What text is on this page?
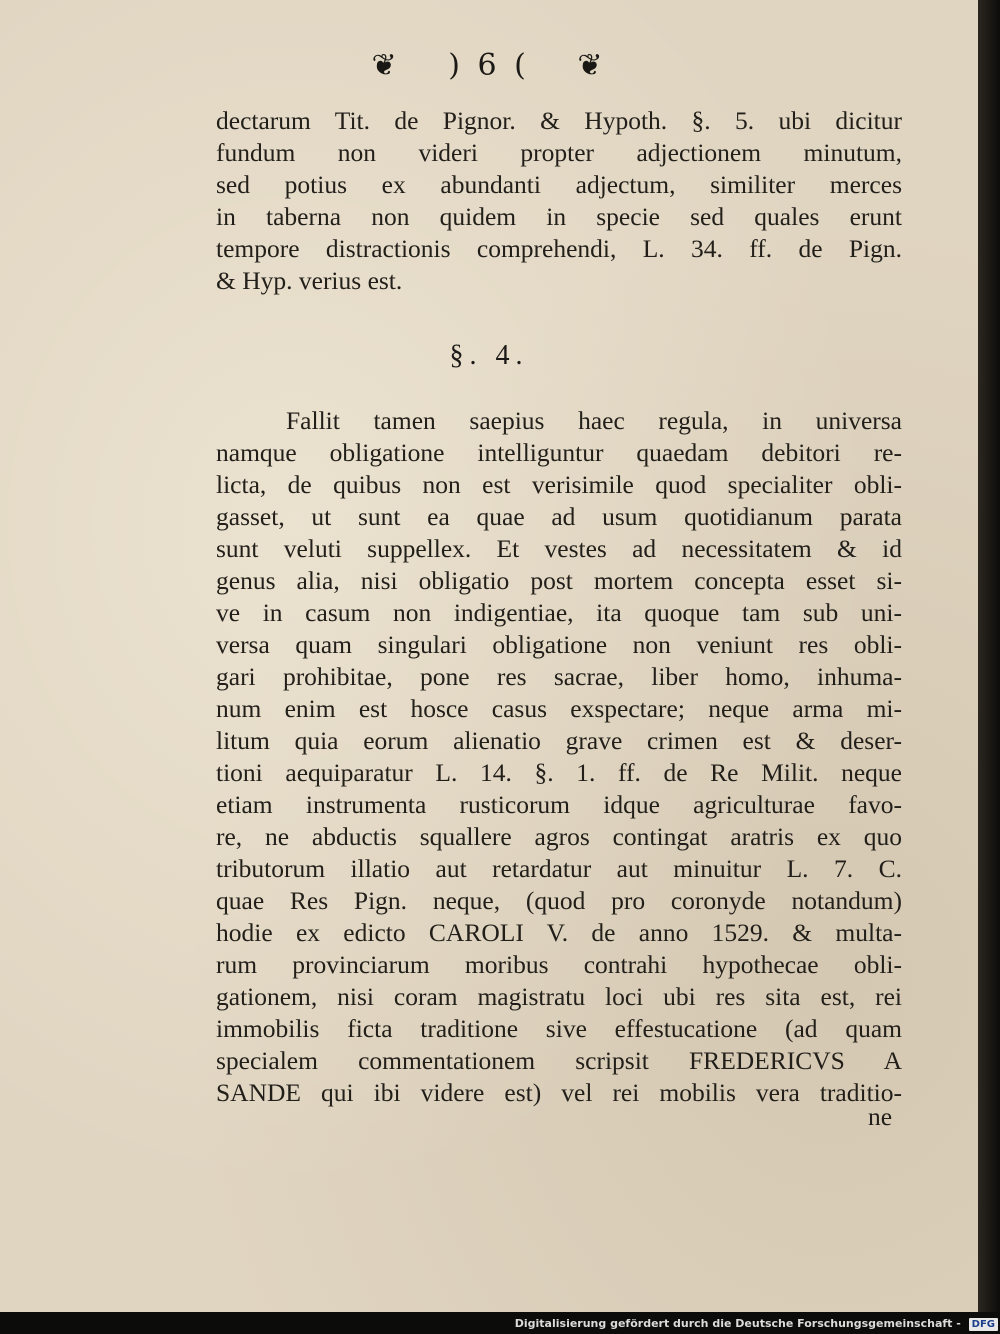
❦ ) 6 ( ❦
dectarum Tit. de Pignor. & Hypoth. §. 5. ubi dicitur
fundum non videri propter adjectionem minutum,
sed potius ex abundanti adjectum, similiter merces
in taberna non quidem in specie sed quales erunt
tempore distractionis comprehendi, L. 34. ff. de Pign.
& Hyp. verius est.
§. 4.
Fallit tamen saepius haec regula, in universa
namque obligatione intelliguntur quaedam debitori re-
licta, de quibus non est verisimile quod specialiter obli-
gasset, ut sunt ea quae ad usum quotidianum parata
sunt veluti suppellex. Et vestes ad necessitatem & id
genus alia, nisi obligatio post mortem concepta esset si-
ve in casum non indigentiae, ita quoque tam sub uni-
versa quam singulari obligatione non veniunt res obli-
gari prohibitae, pone res sacrae, liber homo, inhuma-
num enim est hosce casus exspectare; neque arma mi-
litum quia eorum alienatio grave crimen est & deser-
tioni aequiparatur L. 14. §. 1. ff. de Re Milit. neque
etiam instrumenta rusticorum idque agriculturae favo-
re, ne abductis squallere agros contingat aratris ex quo
tributorum illatio aut retardatur aut minuitur L. 7. C.
quae Res Pign. neque, (quod pro coronyde notandum)
hodie ex edicto CAROLI V. de anno 1529. & multa-
rum provinciarum moribus contrahi hypothecae obli-
gationem, nisi coram magistratu loci ubi res sita est, rei
immobilis ficta traditione sive effestucatione (ad quam
specialem commentationem scripsit FREDERICVS A
SANDE qui ibi videre est) vel rei mobilis vera traditio-
ne
Digitalisierung gefördert durch die Deutsche Forschungsgemeinschaft - DFG
